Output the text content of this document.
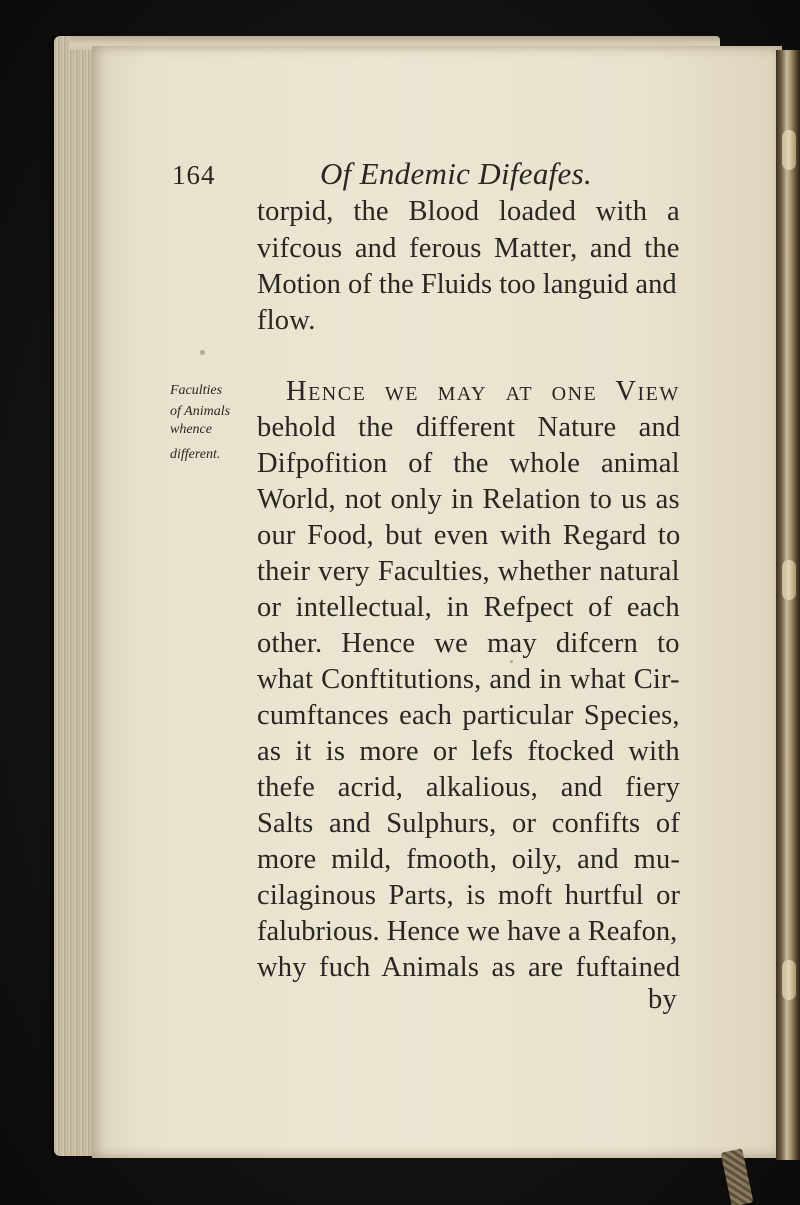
164	Of Endemic Difeafes.
Faculties
of Animals
whence
different.
torpid, the Blood loaded with a
vifcous and ferous Matter, and the
Motion of the Fluids too languid and
flow.
Hence we may at one View
behold the different Nature and
Difpofition of the whole animal
World, not only in Relation to us as
our Food, but even with Regard to
their very Faculties, whether natural
or intellectual, in Refpect of each
other. Hence we may difcern to
what Conftitutions, and in what Cir-
cumftances each particular Species,
as it is more or lefs ftocked with
thefe acrid, alkalious, and fiery
Salts and Sulphurs, or confifts of
more mild, fmooth, oily, and mu-
cilaginous Parts, is moft hurtful or
falubrious. Hence we have a Reafon,
why fuch Animals as are fuftained
by
